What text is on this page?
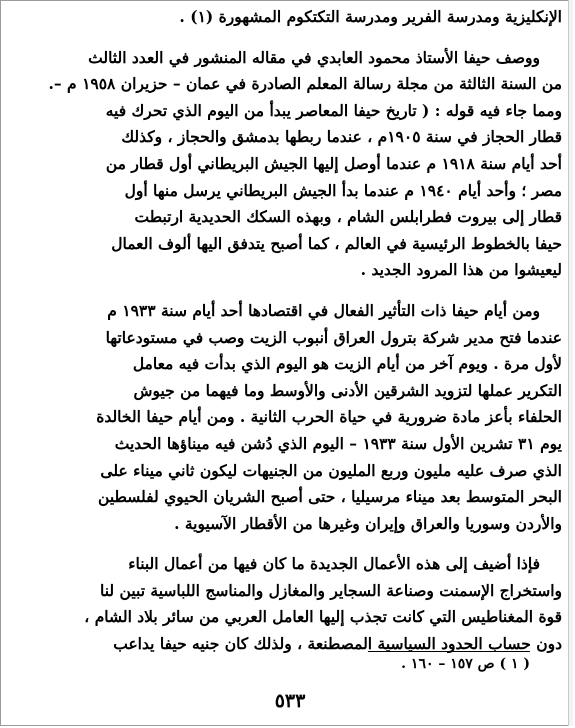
الإنكليزية ومدرسة الفرير ومدرسة التكتكوم المشهورة (١) .
ووصف حيفا الأستاذ محمود العابدي في مقاله المنشور في العدد الثالث
من السنة الثالثة من مجلة رسالة المعلم الصادرة في عمان – حزيران ١٩٥٨ م –.
ومما جاء فيه قوله : ( تاريخ حيفا المعاصر يبدأ من اليوم الذي تحرك فيه
قطار الحجاز في سنة ١٩٠٥م ، عندما ربطها بدمشق والحجاز ، وكذلك
أحد أيام سنة ١٩١٨ م عندما أوصل إليها الجيش البريطاني أول قطار من
مصر ؛ وأحد أيام ١٩٤٠ م عندما بدأ الجيش البريطاني يرسل منها أول
قطار إلى بيروت فطرابلس الشام ، وبهذه السكك الحديدية ارتبطت
حيفا بالخطوط الرئيسية في العالم ، كما أصبح يتدفق اليها ألوف العمال
ليعيشوا من هذا المرود الجديد .
ومن أيام حيفا ذات التأثير الفعال في اقتصادها أحد أيام سنة ١٩٣٣ م
عندما فتح مدير شركة بترول العراق أنبوب الزيت وصب في مستودعاتها
لأول مرة . ويوم آخر من أيام الزيت هو اليوم الذي بدأت فيه معامل
التكرير عملها لتزويد الشرقين الأدنى والأوسط وما فيهما من جيوش
الحلفاء بأعز مادة ضرورية في حياة الحرب الثانية . ومن أيام حيفا الخالدة
يوم ٣١ تشرين الأول سنة ١٩٣٣ – اليوم الذي دُشن فيه ميناؤها الحديث
الذي صرف عليه مليون وربع المليون من الجنيهات ليكون ثاني ميناء على
البحر المتوسط بعد ميناء مرسيليا ، حتى أصبح الشريان الحيوي لفلسطين
والأردن وسوريا والعراق وإيران وغيرها من الأقطار الآسيوية .
فإذا أضيف إلى هذه الأعمال الجديدة ما كان فيها من أعمال البناء
واستخراج الإسمنت وصناعة السجاير والمغازل والمناسج اللباسية تبين لنا
قوة المغناطيس التي كانت تجذب إليها العامل العربي من سائر بلاد الشام ،
دون حساب الحدود السياسية المصطنعة ، ولذلك كان جنيه حيفا يداعب
( ١ ) ص ١٥٧ – ١٦٠ .
٥٣٣
